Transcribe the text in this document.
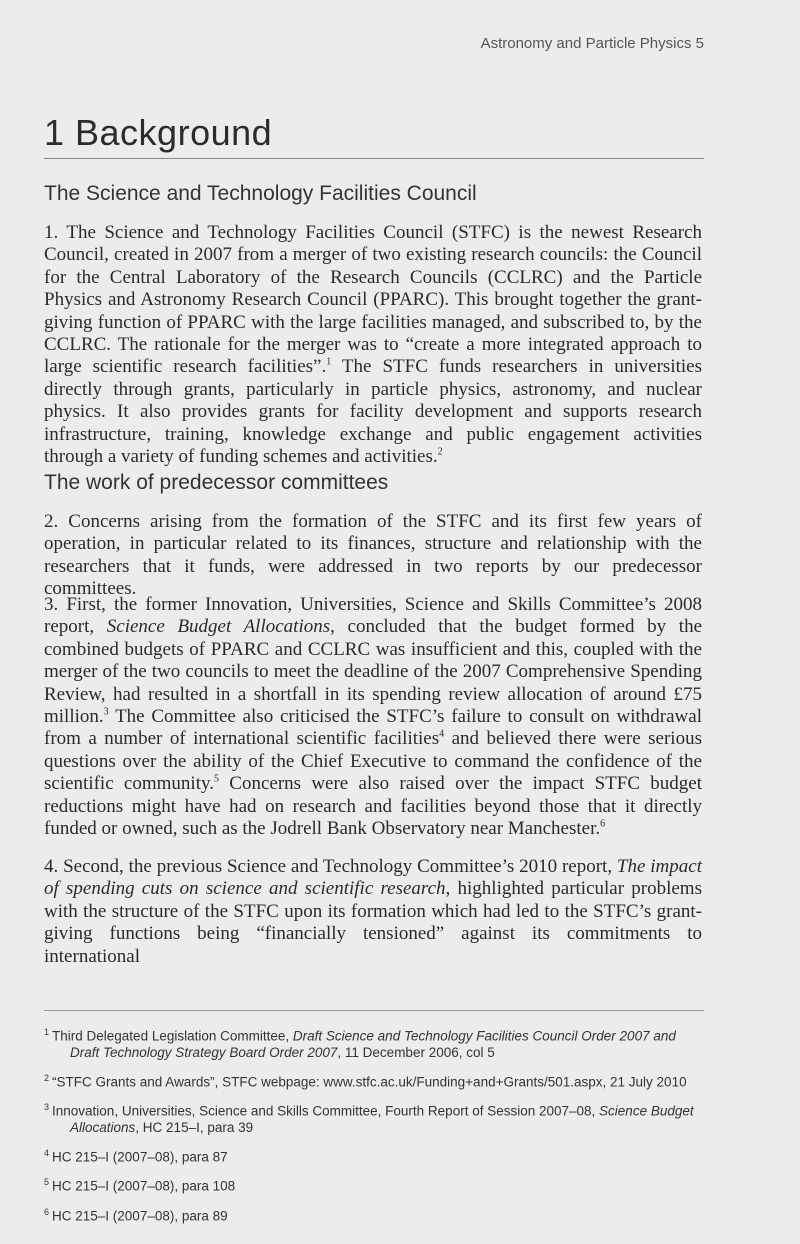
Astronomy and Particle Physics 5
1 Background
The Science and Technology Facilities Council

1. The Science and Technology Facilities Council (STFC) is the newest Research Council, created in 2007 from a merger of two existing research councils: the Council for the Central Laboratory of the Research Councils (CCLRC) and the Particle Physics and Astronomy Research Council (PPARC). This brought together the grant-giving function of PPARC with the large facilities managed, and subscribed to, by the CCLRC. The rationale for the merger was to “create a more integrated approach to large scientific research facilities”.$^1$ The STFC funds researchers in universities directly through grants, particularly in particle physics, astronomy, and nuclear physics. It also provides grants for facility development and supports research infrastructure, training, knowledge exchange and public engagement activities through a variety of funding schemes and activities.$^2$

The work of predecessor committees

2. Concerns arising from the formation of the STFC and its first few years of operation, in particular related to its finances, structure and relationship with the researchers that it funds, were addressed in two reports by our predecessor committees.

3. First, the former Innovation, Universities, Science and Skills Committee’s 2008 report, Science Budget Allocations, concluded that the budget formed by the combined budgets of PPARC and CCLRC was insufficient and this, coupled with the merger of the two councils to meet the deadline of the 2007 Comprehensive Spending Review, had resulted in a shortfall in its spending review allocation of around £75 million.$^3$ The Committee also criticised the STFC’s failure to consult on withdrawal from a number of international scientific facilities$^4$ and believed there were serious questions over the ability of the Chief Executive to command the confidence of the scientific community.$^5$ Concerns were also raised over the impact STFC budget reductions might have had on research and facilities beyond those that it directly funded or owned, such as the Jodrell Bank Observatory near Manchester.$^6$

4. Second, the previous Science and Technology Committee’s 2010 report, The impact of spending cuts on science and scientific research, highlighted particular problems with the structure of the STFC upon its formation which had led to the STFC’s grant-giving functions being “financially tensioned” against its commitments to international

$^1$ Third Delegated Legislation Committee, Draft Science and Technology Facilities Council Order 2007 and Draft Technology Strategy Board Order 2007, 11 December 2006, col 5

$^2$ “STFC Grants and Awards”, STFC webpage: www.stfc.ac.uk/Funding+and+Grants/501.aspx, 21 July 2010

$^3$ Innovation, Universities, Science and Skills Committee, Fourth Report of Session 2007–08, Science Budget Allocations, HC 215–I, para 39

$^4$ HC 215–I (2007–08), para 87

$^5$ HC 215–I (2007–08), para 108

$^6$ HC 215–I (2007–08), para 89
